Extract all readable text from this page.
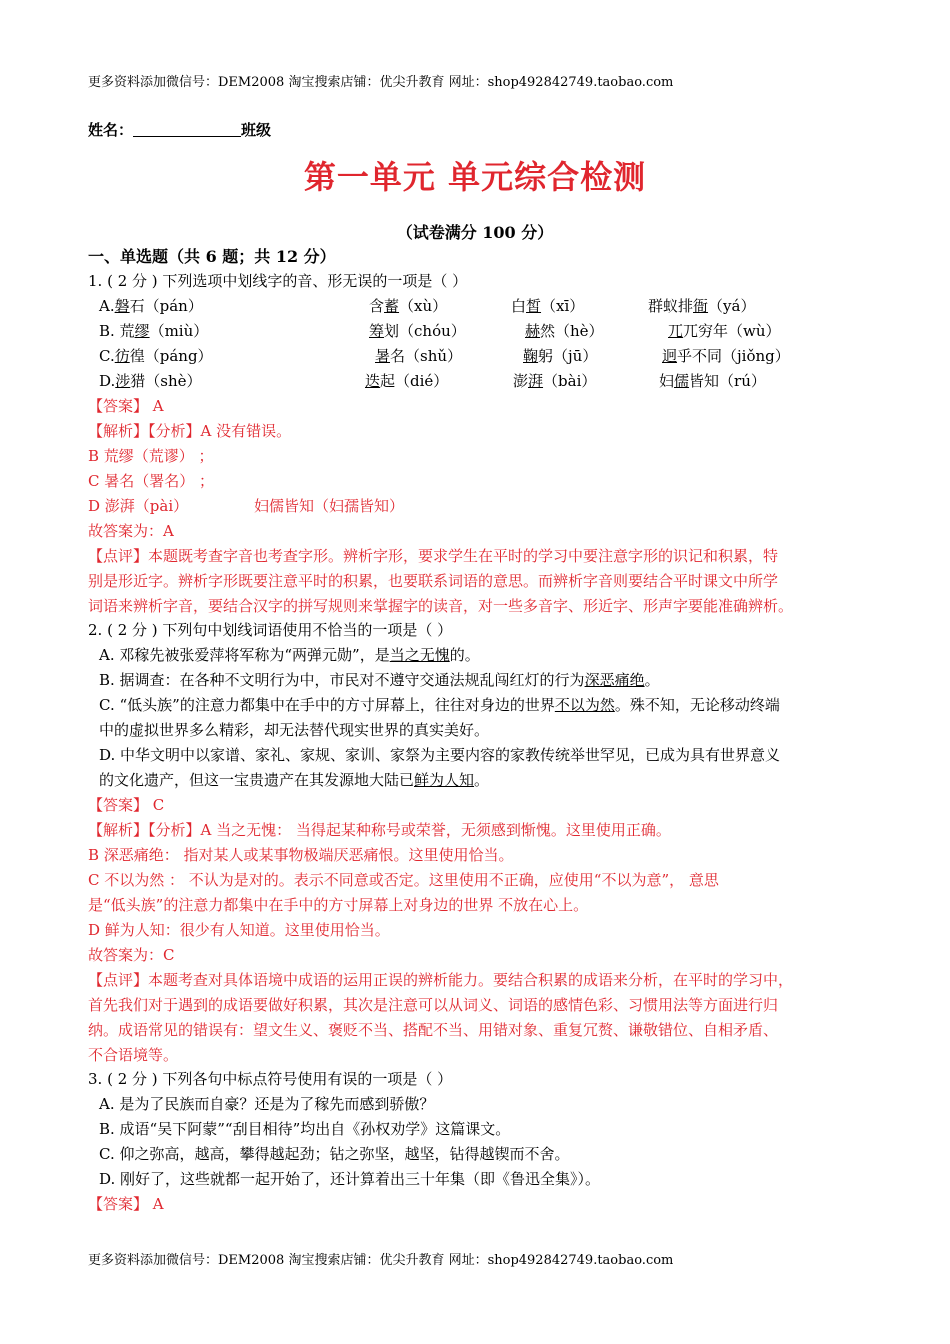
更多资料添加微信号：DEM2008 淘宝搜索店铺：优尖升教育 网址：shop492842749.taobao.com
姓名：	班级
第一单元 单元综合检测
（试卷满分 100 分）
一、单选题（共 6 题；共 12 分）
1. ( 2 分 ) 下列选项中划线字的音、形无误的一项是（ ）
A.磐石（pán）	含蓄（xù）	白皙（xī）	群蚁排衙（yá）
B. 荒缪（miù）	筹划（chóu）	赫然（hè）	兀兀穷年（wù）
C.彷徨（páng）	暑名（shǔ）	鞠躬（jū）	迥乎不同（jiǒng）
D.涉猎（shè）	迭起（dié）	澎湃（bài）	妇儒皆知（rú）
【答案】 A
【解析】【分析】A 没有错误。
B 荒缪（荒谬） ；
C 暑名（署名） ；
D 澎湃（pài）	妇儒皆知（妇孺皆知）
故答案为：A
【点评】本题既考查字音也考查字形。辨析字形，要求学生在平时的学习中要注意字形的识记和积累，特
别是形近字。辨析字形既要注意平时的积累，也要联系词语的意思。而辨析字音则要结合平时课文中所学
词语来辨析字音，要结合汉字的拼写规则来掌握字的读音，对一些多音字、形近字、形声字要能准确辨析。
2. ( 2 分 ) 下列句中划线词语使用不恰当的一项是（ ）
A. 邓稼先被张爱萍将军称为“两弹元勋”，是当之无愧的。
B. 据调查：在各种不文明行为中，市民对不遵守交通法规乱闯红灯的行为深恶痛绝。
C. “低头族”的注意力都集中在手中的方寸屏幕上，往往对身边的世界不以为然。殊不知，无论移动终端
中的虚拟世界多么精彩，却无法替代现实世界的真实美好。
D. 中华文明中以家谱、家礼、家规、家训、家祭为主要内容的家教传统举世罕见，已成为具有世界意义
的文化遗产，但这一宝贵遗产在其发源地大陆已鲜为人知。
【答案】 C
【解析】【分析】A 当之无愧： 当得起某种称号或荣誉，无须感到惭愧。这里使用正确。
B 深恶痛绝： 指对某人或某事物极端厌恶痛恨。这里使用恰当。
C 不以为然 ： 不认为是对的。表示不同意或否定。这里使用不正确，应使用“不以为意”， 意思
是“低头族”的注意力都集中在手中的方寸屏幕上对身边的世界 不放在心上。
D 鲜为人知：很少有人知道。这里使用恰当。
故答案为：C
【点评】本题考查对具体语境中成语的运用正误的辨析能力。要结合积累的成语来分析，在平时的学习中，
首先我们对于遇到的成语要做好积累，其次是注意可以从词义、词语的感情色彩、习惯用法等方面进行归
纳。成语常见的错误有：望文生义、褒贬不当、搭配不当、用错对象、重复冗赘、谦敬错位、自相矛盾、
不合语境等。
3. ( 2 分 ) 下列各句中标点符号使用有误的一项是（ ）
A. 是为了民族而自豪？还是为了稼先而感到骄傲？
B. 成语“吴下阿蒙”“刮目相待”均出自《孙权劝学》这篇课文。
C. 仰之弥高，越高，攀得越起劲；钻之弥坚，越坚，钻得越锲而不舍。
D. 刚好了，这些就都一起开始了，还计算着出三十年集（即《鲁迅全集》）。
【答案】 A
更多资料添加微信号：DEM2008 淘宝搜索店铺：优尖升教育 网址：shop492842749.taobao.com
